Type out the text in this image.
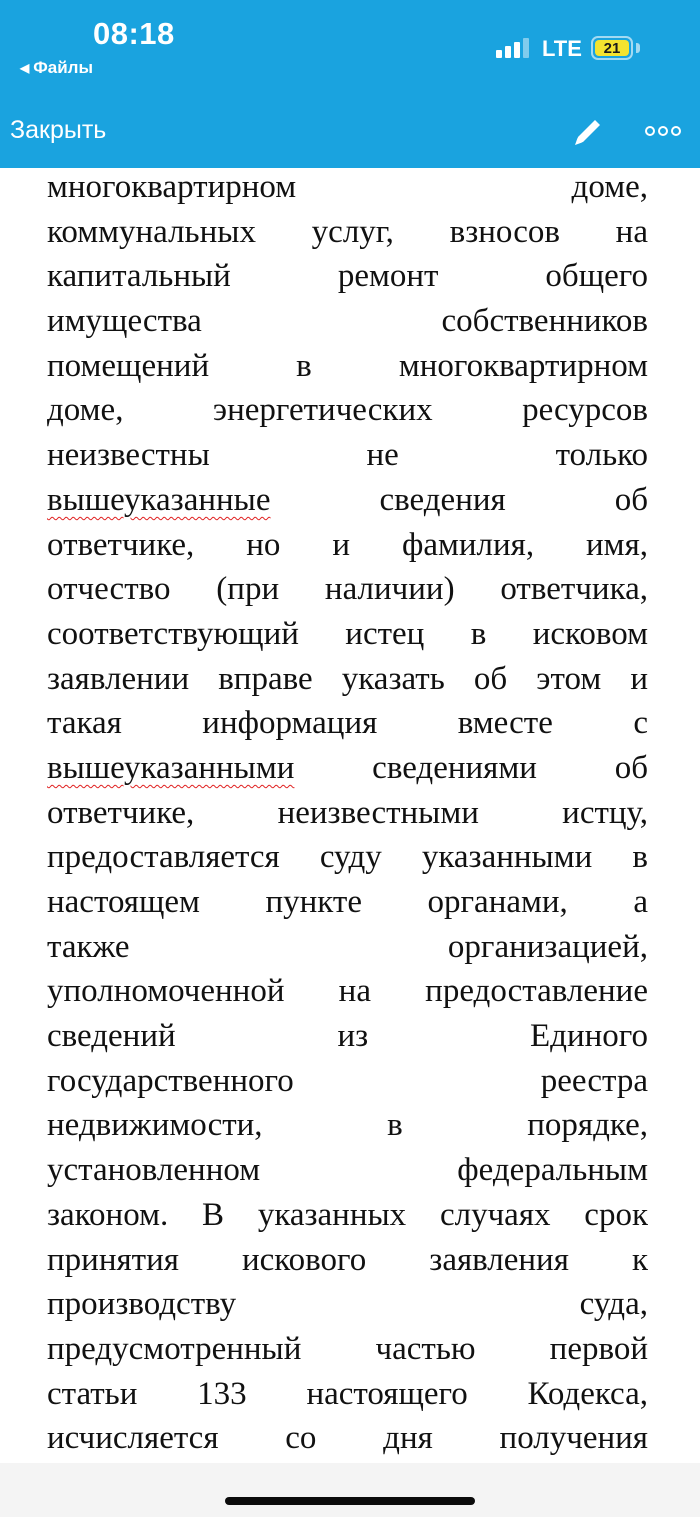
08:18
◀ Файлы
LTE	21
Закрыть
многоквартирном доме,
коммунальных услуг, взносов на
капитальный ремонт общего
имущества собственников
помещений в многоквартирном
доме, энергетических ресурсов
неизвестны не только
вышеуказанные сведения об
ответчике, но и фамилия, имя,
отчество (при наличии) ответчика,
соответствующий истец в исковом
заявлении вправе указать об этом и
такая информация вместе с
вышеуказанными сведениями об
ответчике, неизвестными истцу,
предоставляется суду указанными в
настоящем пункте органами, а
также организацией,
уполномоченной на предоставление
сведений из Единого
государственного реестра
недвижимости, в порядке,
установленном федеральным
законом. В указанных случаях срок
принятия искового заявления к
производству суда,
предусмотренный частью первой
статьи 133 настоящего Кодекса,
исчисляется со дня получения
